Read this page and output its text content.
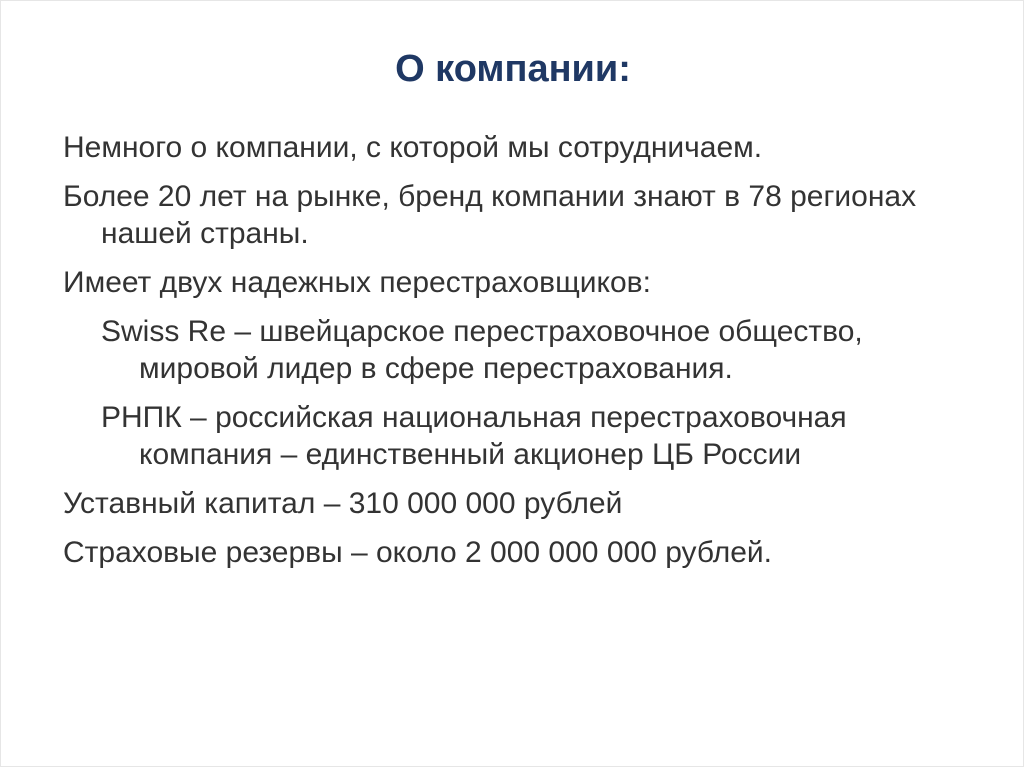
О компании:

Немного о компании, с которой мы сотрудничаем.

Более 20 лет на рынке, бренд компании знают в 78 регионах нашей страны.

Имеет двух надежных перестраховщиков:

Swiss Re – швейцарское перестраховочное общество, мировой лидер в сфере перестрахования.

РНПК – российская национальная перестраховочная компания – единственный акционер ЦБ России

Уставный капитал – 310 000 000 рублей

Страховые резервы – около 2 000 000 000 рублей.
